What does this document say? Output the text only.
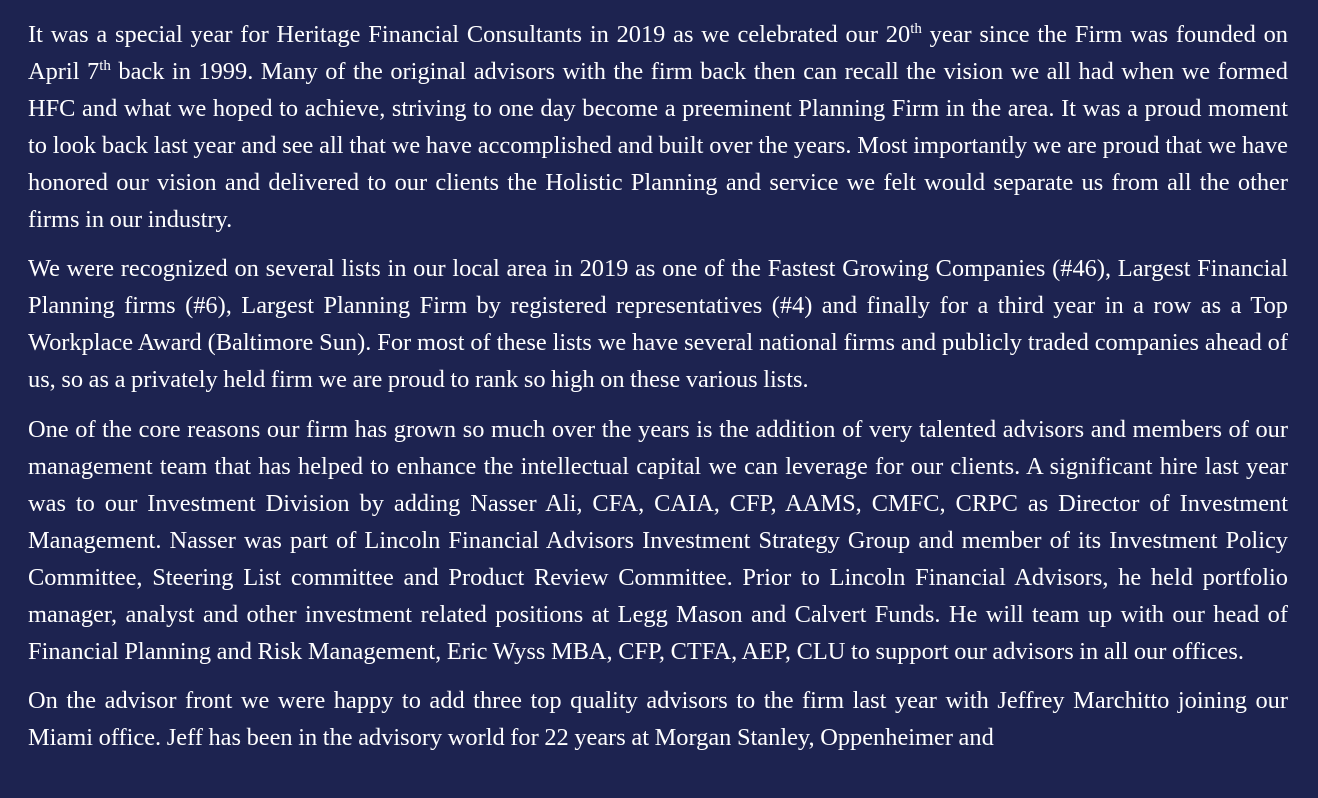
It was a special year for Heritage Financial Consultants in 2019 as we celebrated our 20th year since the Firm was founded on April 7th back in 1999. Many of the original advisors with the firm back then can recall the vision we all had when we formed HFC and what we hoped to achieve, striving to one day become a preeminent Planning Firm in the area. It was a proud moment to look back last year and see all that we have accomplished and built over the years. Most importantly we are proud that we have honored our vision and delivered to our clients the Holistic Planning and service we felt would separate us from all the other firms in our industry.

We were recognized on several lists in our local area in 2019 as one of the Fastest Growing Companies (#46), Largest Financial Planning firms (#6), Largest Planning Firm by registered representatives (#4) and finally for a third year in a row as a Top Workplace Award (Baltimore Sun). For most of these lists we have several national firms and publicly traded companies ahead of us, so as a privately held firm we are proud to rank so high on these various lists.

One of the core reasons our firm has grown so much over the years is the addition of very talented advisors and members of our management team that has helped to enhance the intellectual capital we can leverage for our clients. A significant hire last year was to our Investment Division by adding Nasser Ali, CFA, CAIA, CFP, AAMS, CMFC, CRPC as Director of Investment Management. Nasser was part of Lincoln Financial Advisors Investment Strategy Group and member of its Investment Policy Committee, Steering List committee and Product Review Committee. Prior to Lincoln Financial Advisors, he held portfolio manager, analyst and other investment related positions at Legg Mason and Calvert Funds. He will team up with our head of Financial Planning and Risk Management, Eric Wyss MBA, CFP, CTFA, AEP, CLU to support our advisors in all our offices.

On the advisor front we were happy to add three top quality advisors to the firm last year with Jeffrey Marchitto joining our Miami office. Jeff has been in the advisory world for 22 years at Morgan Stanley, Oppenheimer and
